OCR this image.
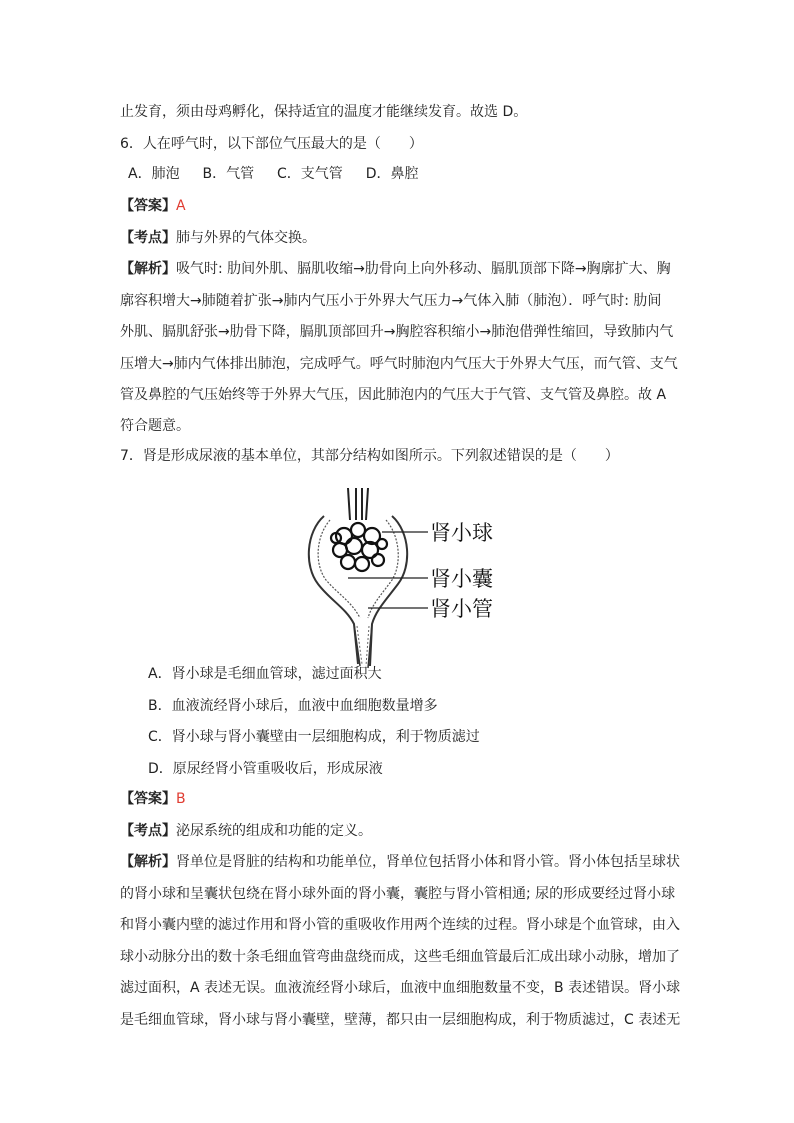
止发育，须由母鸡孵化，保持适宜的温度才能继续发育。故选 D。
6．人在呼气时，以下部位气压最大的是（　　）
A．肺泡 B．气管 C．支气管 D．鼻腔
【答案】A
【考点】肺与外界的气体交换。
【解析】吸气时: 肋间外肌、膈肌收缩→肋骨向上向外移动、膈肌顶部下降→胸廓扩大、胸
廓容积增大→肺随着扩张→肺内气压小于外界大气压力→气体入肺（肺泡）．呼气时: 肋间
外肌、膈肌舒张→肋骨下降，膈肌顶部回升→胸腔容积缩小→肺泡借弹性缩回，导致肺内气
压增大→肺内气体排出肺泡，完成呼气。呼气时肺泡内气压大于外界大气压，而气管、支气
管及鼻腔的气压始终等于外界大气压，因此肺泡内的气压大于气管、支气管及鼻腔。故 A
符合题意。
7．肾是形成尿液的基本单位，其部分结构如图所示。下列叙述错误的是（　　）
肾小球
肾小囊
肾小管
A．肾小球是毛细血管球，滤过面积大
B．血液流经肾小球后，血液中血细胞数量增多
C．肾小球与肾小囊壁由一层细胞构成，利于物质滤过
D．原尿经肾小管重吸收后，形成尿液
【答案】B
【考点】泌尿系统的组成和功能的定义。
【解析】肾单位是肾脏的结构和功能单位，肾单位包括肾小体和肾小管。肾小体包括呈球状
的肾小球和呈囊状包绕在肾小球外面的肾小囊，囊腔与肾小管相通; 尿的形成要经过肾小球
和肾小囊内壁的滤过作用和肾小管的重吸收作用两个连续的过程。肾小球是个血管球，由入
球小动脉分出的数十条毛细血管弯曲盘绕而成，这些毛细血管最后汇成出球小动脉，增加了
滤过面积，A 表述无误。血液流经肾小球后，血液中血细胞数量不变，B 表述错误。肾小球
是毛细血管球，肾小球与肾小囊壁，壁薄，都只由一层细胞构成，利于物质滤过，C 表述无
